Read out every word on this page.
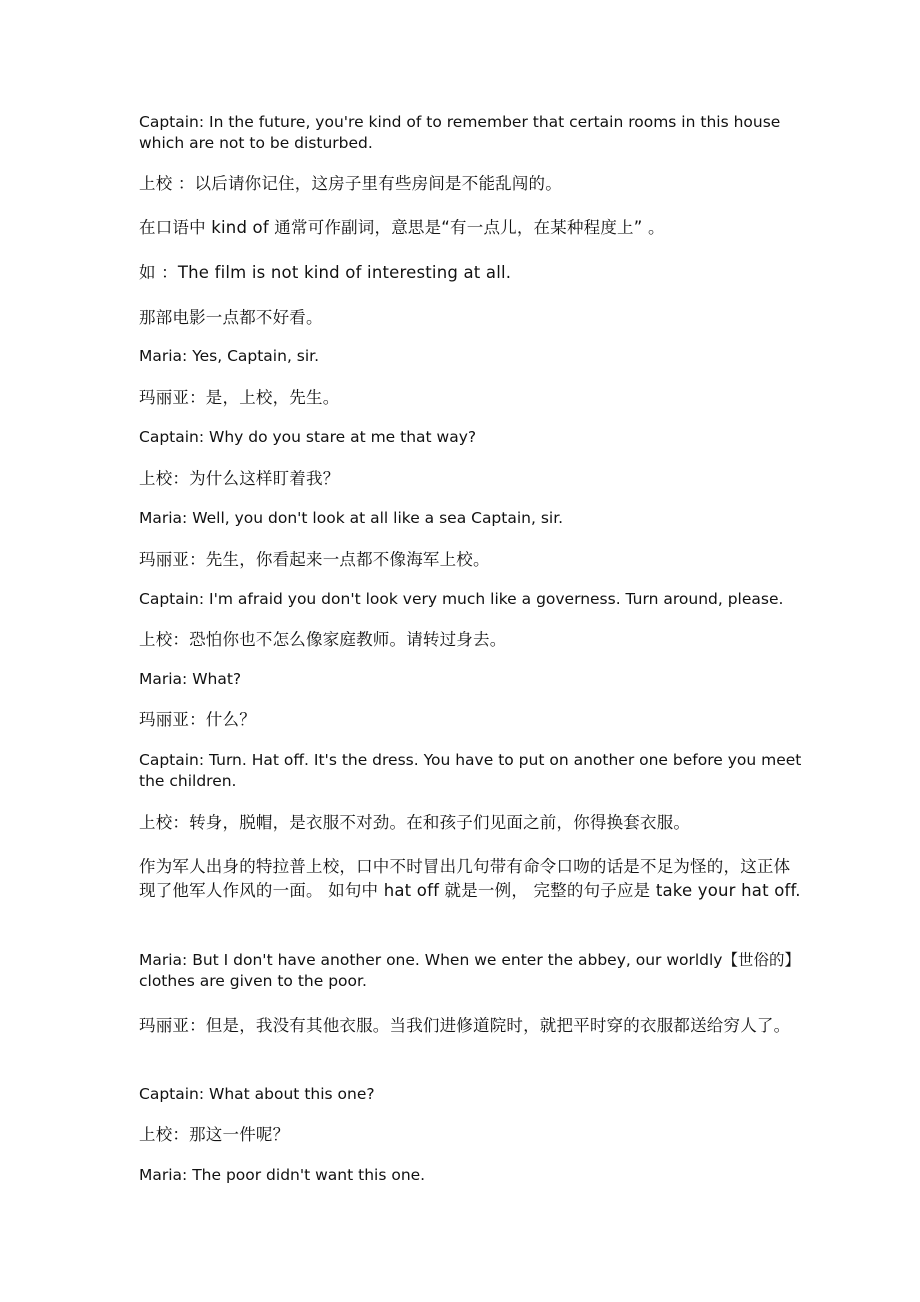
Captain: In the future, you're kind of to remember that certain rooms in this house which are not to be disturbed.

上校 ：以后请你记住，这房子里有些房间是不能乱闯的。

在口语中 kind of 通常可作副词，意思是“有一点儿，在某种程度上” 。

如 ：The film is not kind of interesting at all.

那部电影一点都不好看。

Maria: Yes, Captain, sir.

玛丽亚：是，上校，先生。

Captain: Why do you stare at me that way?

上校：为什么这样盯着我？

Maria: Well, you don't look at all like a sea Captain, sir.

玛丽亚：先生，你看起来一点都不像海军上校。

Captain: I'm afraid you don't look very much like a governess. Turn around, please.

上校：恐怕你也不怎么像家庭教师。请转过身去。

Maria: What?

玛丽亚：什么？

Captain: Turn. Hat off. It's the dress. You have to put on another one before you meet the children.

上校：转身，脱帽，是衣服不对劲。在和孩子们见面之前，你得换套衣服。

作为军人出身的特拉普上校，口中不时冒出几句带有命令口吻的话是不足为怪的，这正体现了他军人作风的一面。 如句中 hat off 就是一例， 完整的句子应是 take your hat off.

Maria: But I don't have another one. When we enter the abbey, our worldly【世俗的】clothes are given to the poor.

玛丽亚：但是，我没有其他衣服。当我们进修道院时，就把平时穿的衣服都送给穷人了。

Captain: What about this one?

上校：那这一件呢？

Maria: The poor didn't want this one.
